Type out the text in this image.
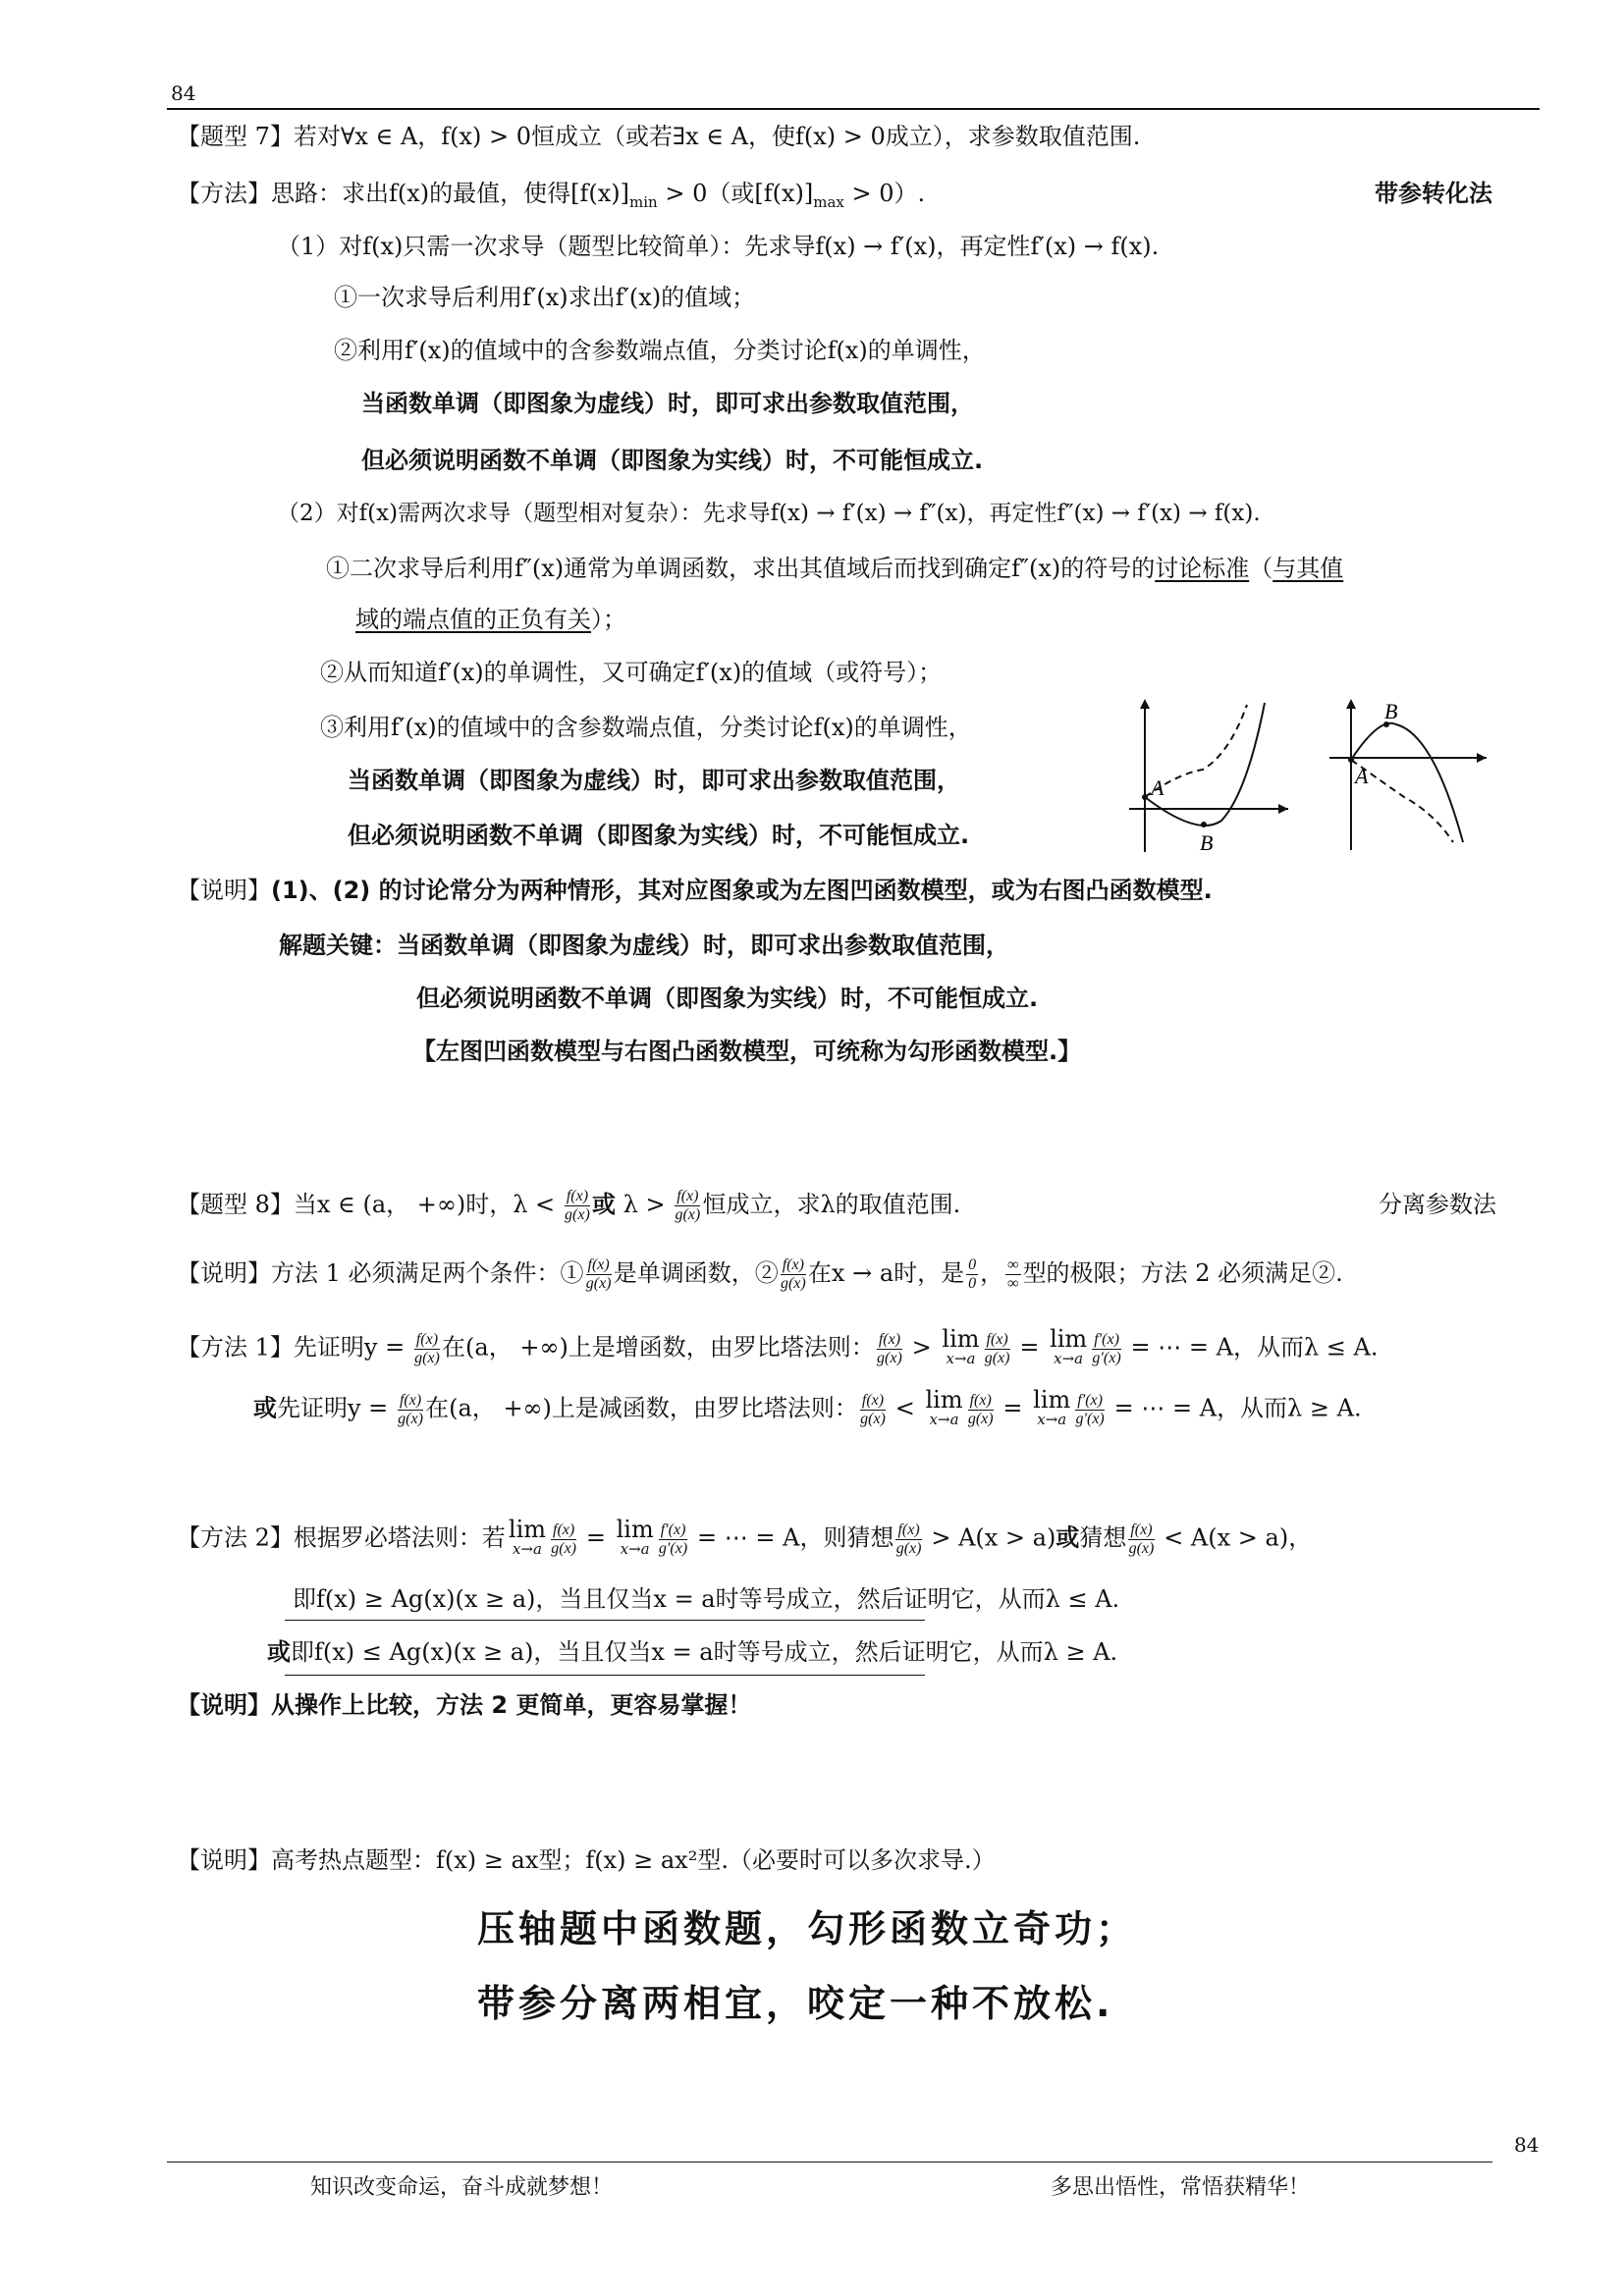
84
【题型 7】若对∀x ∈ A，f(x) > 0恒成立（或若∃x ∈ A，使f(x) > 0成立），求参数取值范围.
【方法】思路：求出f(x)的最值，使得$[f(x)]_{min} > 0$（或$[f(x)]_{max} > 0$）.	带参转化法
（1）对f(x)只需一次求导（题型比较简单）：先求导f(x) → f′(x)，再定性f′(x) → f(x).
①一次求导后利用f′(x)求出f′(x)的值域；
②利用f′(x)的值域中的含参数端点值，分类讨论f(x)的单调性，
当函数单调（即图象为虚线）时，即可求出参数取值范围，
但必须说明函数不单调（即图象为实线）时，不可能恒成立.
（2）对f(x)需两次求导（题型相对复杂）：先求导f(x) → f′(x) → f″(x)，再定性f″(x) → f′(x) → f(x).
①二次求导后利用f″(x)通常为单调函数，求出其值域后而找到确定f″(x)的符号的讨论标准（与其值
域的端点值的正负有关）；
②从而知道f′(x)的单调性，又可确定f′(x)的值域（或符号）；
③利用f′(x)的值域中的含参数端点值，分类讨论f(x)的单调性，
当函数单调（即图象为虚线）时，即可求出参数取值范围，
但必须说明函数不单调（即图象为实线）时，不可能恒成立.
A
B
A
B
【说明】(1)、(2) 的讨论常分为两种情形，其对应图象或为左图凹函数模型，或为右图凸函数模型.
解题关键：当函数单调（即图象为虚线）时，即可求出参数取值范围，
但必须说明函数不单调（即图象为实线）时，不可能恒成立.
【左图凹函数模型与右图凸函数模型，可统称为勾形函数模型.】
【题型 8】当x ∈ (a， +∞)时，$\lambda < \frac{f(x)}{g(x)}$ 或 $\lambda > \frac{f(x)}{g(x)}$ 恒成立，求λ的取值范围.	分离参数法
【说明】方法 1 必须满足两个条件：① $\frac{f(x)}{g(x)}$ 是单调函数，② $\frac{f(x)}{g(x)}$ 在x → a时，是 $\frac{0}{0}$ ， $\frac{\infty}{\infty}$ 型的极限；方法 2 必须满足②.
【方法 1】先证明$y = \frac{f(x)}{g(x)}$ 在(a， +∞)上是增函数，由罗比塔法则： $\frac{f(x)}{g(x)} > \lim$
$x\to a \frac{f(x)}{g(x)} = \lim$
$x\to a \frac{f'(x)}{g'(x)}$ = ⋯ = A，从而λ ≤ A.
或先证明$y = \frac{f(x)}{g(x)}$ 在(a， +∞)上是减函数，由罗比塔法则： $\frac{f(x)}{g(x)} < \lim$
$x\to a \frac{f(x)}{g(x)} = \lim$
$x\to a \frac{f'(x)}{g'(x)}$ = ⋯ = A，从而λ ≥ A.
【方法 2】根据罗必塔法则：若 lim
$x\to a \frac{f(x)}{g(x)} = \lim$
$x\to a \frac{f'(x)}{g'(x)}$ = ⋯ = A，则猜想 $\frac{f(x)}{g(x)} > A(x > a)$或猜想 $\frac{f(x)}{g(x)} < A(x > a)$，
即f(x) ≥ Ag(x)(x ≥ a)，当且仅当x = a时等号成立，然后证明它，从而λ ≤ A.
或即f(x) ≤ Ag(x)(x ≥ a)，当且仅当x = a时等号成立，然后证明它，从而λ ≥ A.
【说明】从操作上比较，方法 2 更简单，更容易掌握！
【说明】高考热点题型：f(x) ≥ ax型；f(x) ≥ ax²型.（必要时可以多次求导.）
压轴题中函数题，勾形函数立奇功；
带参分离两相宜，咬定一种不放松.
84
知识改变命运，奋斗成就梦想！	多思出悟性，常悟获精华！
